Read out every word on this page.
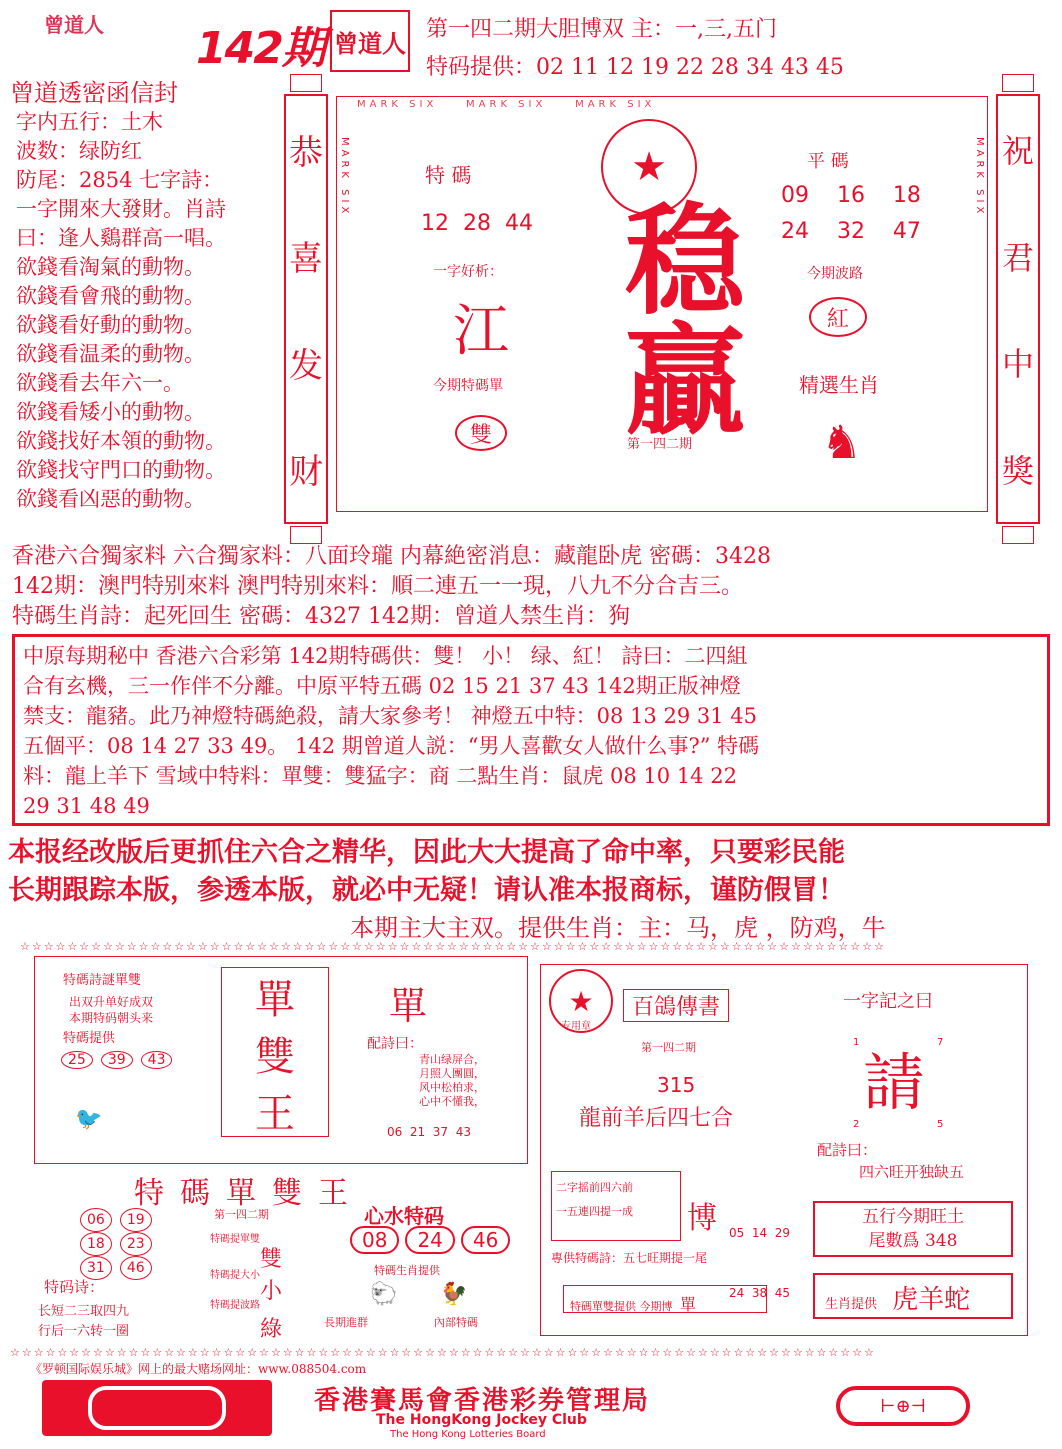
曾道人	142期 曾道人 第一四二期大胆博双 主：一,三,五门
特码提供：02 11 12 19 22 28 34 43 45
曾道透密函信封
字内五行：土木
波数：绿防红
防尾：2854 七字詩：
一字開來大發財。肖詩
曰：逢人鷄群高一唱。
欲錢看淘氣的動物。
欲錢看會飛的動物。
欲錢看好動的動物。
欲錢看温柔的動物。
欲錢看去年六一。
欲錢看矮小的動物。
欲錢找好本領的動物。
欲錢找守門口的動物。
欲錢看凶惡的動物。
恭
喜
发
财
MARK SIX	MARK SIX	MARK SIX
MARK SIX	MARK SIX
特 碼
12  28  44
一字好析：
江
今期特碼單
雙
★
稳贏
第一四二期
平 碼
09    16    18
24    32    47
今期波路
紅
精選生肖
♞
祝
君
中
獎
香港六合獨家料 六合獨家料：八面玲瓏 内幕絶密消息：藏龍卧虎 密碼：3428
142期：澳門特别來料 澳門特别來料：順二連五一一現，八九不分合吉三。
特碼生肖詩：起死回生 密碼：4327 142期：曾道人禁生肖：狗
中原每期秘中 香港六合彩第 142期特碼供：雙！ 小！ 绿、紅！ 詩曰：二四組
合有玄機，三一作伴不分離。中原平特五碼 02 15 21 37 43 142期正版神燈
禁支：龍豬。此乃神燈特碼絶殺，請大家參考！ 神燈五中特：08 13 29 31 45
五個平：08 14 27 33 49。 142 期曾道人説：“男人喜歡女人做什么事?” 特碼
料：龍上羊下 雪域中特料：單雙：雙猛字：商 二點生肖：鼠虎 08 10 14 22
29 31 48 49
本报经改版后更抓住六合之精华，因此大大提高了命中率，只要彩民能
长期跟踪本版，参透本版，就必中无疑！请认准本报商标，谨防假冒！
本期主大主双。提供生肖：主：马，虎 ，防鸡，牛
☆☆☆☆☆☆☆☆☆☆☆☆☆☆☆☆☆☆☆☆☆☆☆☆☆☆☆☆☆☆☆☆☆☆☆☆☆☆☆☆☆☆☆☆☆☆☆☆☆☆☆☆☆☆☆☆☆☆☆☆☆☆☆☆☆☆☆☆☆☆☆☆☆
特碼詩謎單雙
出双升单好成双
本期特码朝头来
特碼提供
25 39 43
🐦
單
雙
王
單
配詩曰：
青山绿屏合，
月照人團圓，
风中松柏求，
心中不懂我，
06  21  37  43
特碼單雙王
第一四二期	心水特码
06 19
18 23
31 46
08 24 46
雙
特碼提單雙
特碼提大小
小
特碼提波路
綠
特碼生肖提供
特码诗：
长短二三取四九
行后一六转一圈
🐑 🐓
長期進群	內部特碼
★
专用章
百鴿傳書
第一四二期
315
龍前羊后四七合
一字記之曰
1	7
請
2	5
配詩曰：
四六旺开独缺五
二字摇前四六前
一五連四提一成	博

05  14  29

24  38  45

五行今期旺土
尾數爲 348
專供特碼詩：五七旺期提一尾
特碼單雙提供 今期博 單	生肖提供 虎羊蛇
☆☆☆☆☆☆☆☆☆☆☆☆☆☆☆☆☆☆☆☆☆☆☆☆☆☆☆☆☆☆☆☆☆☆☆☆☆☆☆☆☆☆☆☆☆☆☆☆☆☆☆☆☆☆☆☆☆☆☆☆☆☆☆☆☆☆☆☆☆☆☆☆☆
《罗顿国际娱乐城》网上的最大赌场网址：www.088504.com
香港賽馬會香港彩券管理局
The HongKong Jockey Club
The Hong Kong Lotteries Board
⊢⊕⊣
